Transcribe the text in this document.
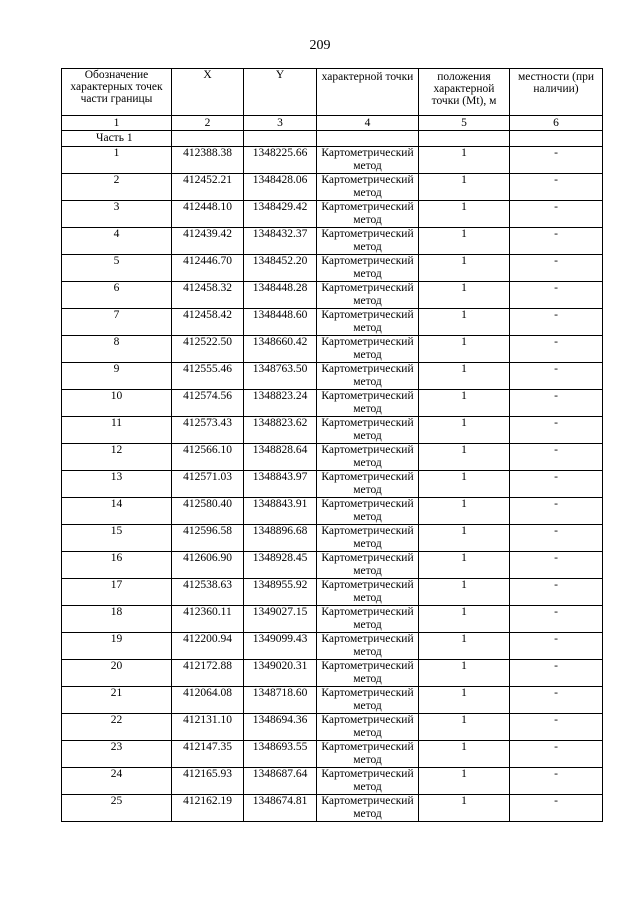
209
Обозначение характерных точек части границы	X	Y	характерной точки	положения характерной точки (Mt), м	местности (при наличии)
1	2	3	4	5	6
Часть 1					
1	412388.38	1348225.66	Картометрический метод	1	-
2	412452.21	1348428.06	Картометрический метод	1	-
3	412448.10	1348429.42	Картометрический метод	1	-
4	412439.42	1348432.37	Картометрический метод	1	-
5	412446.70	1348452.20	Картометрический метод	1	-
6	412458.32	1348448.28	Картометрический метод	1	-
7	412458.42	1348448.60	Картометрический метод	1	-
8	412522.50	1348660.42	Картометрический метод	1	-
9	412555.46	1348763.50	Картометрический метод	1	-
10	412574.56	1348823.24	Картометрический метод	1	-
11	412573.43	1348823.62	Картометрический метод	1	-
12	412566.10	1348828.64	Картометрический метод	1	-
13	412571.03	1348843.97	Картометрический метод	1	-
14	412580.40	1348843.91	Картометрический метод	1	-
15	412596.58	1348896.68	Картометрический метод	1	-
16	412606.90	1348928.45	Картометрический метод	1	-
17	412538.63	1348955.92	Картометрический метод	1	-
18	412360.11	1349027.15	Картометрический метод	1	-
19	412200.94	1349099.43	Картометрический метод	1	-
20	412172.88	1349020.31	Картометрический метод	1	-
21	412064.08	1348718.60	Картометрический метод	1	-
22	412131.10	1348694.36	Картометрический метод	1	-
23	412147.35	1348693.55	Картометрический метод	1	-
24	412165.93	1348687.64	Картометрический метод	1	-
25	412162.19	1348674.81	Картометрический метод	1	-
